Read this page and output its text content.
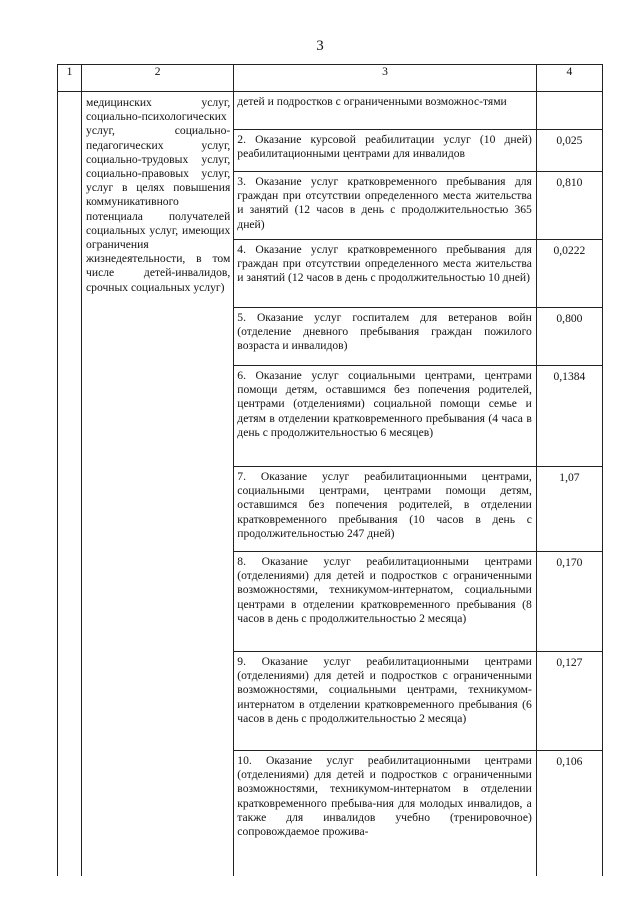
3
1	2	3	4

	медицинских услуг, социально-психологических услуг, социально-педагогических услуг, социально-трудовых услуг, социально-правовых услуг, услуг в целях повышения коммуникативного потенциала получателей социальных услуг, имеющих ограничения жизнедеятельности, в том числе детей-инвалидов, срочных социальных услуг)	детей и подростков с ограниченными возможнос-тями	

		2. Оказание курсовой реабилитации услуг (10 дней) реабилитационными центрами для инвалидов	0,025

		3. Оказание услуг кратковременного пребывания для граждан при отсутствии определенного места жительства и занятий (12 часов в день с продолжительностью 365 дней)	0,810

		4. Оказание услуг кратковременного пребывания для граждан при отсутствии определенного места жительства и занятий (12 часов в день с продолжительностью 10 дней)	0,0222

		5. Оказание услуг госпиталем для ветеранов войн (отделение дневного пребывания граждан пожилого возраста и инвалидов)	0,800

		6. Оказание услуг социальными центрами, центрами помощи детям, оставшимся без попечения родителей, центрами (отделениями) социальной помощи семье и детям в отделении кратковременного пребывания (4 часа в день с продолжительностью 6 месяцев)	0,1384

		7. Оказание услуг реабилитационными центрами, социальными центрами, центрами помощи детям, оставшимся без попечения родителей, в отделении кратковременного пребывания (10 часов в день с продолжительностью 247 дней)	1,07

		8. Оказание услуг реабилитационными центрами (отделениями) для детей и подростков с ограниченными возможностями, техникумом-интернатом, социальными центрами в отделении кратковременного пребывания (8 часов в день с продолжительностью 2 месяца)	0,170

		9. Оказание услуг реабилитационными центрами (отделениями) для детей и подростков с ограниченными возможностями, социальными центрами, техникумом-интернатом в отделении кратковременного пребывания (6 часов в день с продолжительностью 2 месяца)	0,127

		10. Оказание услуг реабилитационными центрами (отделениями) для детей и подростков с ограниченными возможностями, техникумом-интернатом в отделении кратковременного пребыва-ния для молодых инвалидов, а также для инвалидов учебно (тренировочное) сопровождаемое прожива-	0,106
